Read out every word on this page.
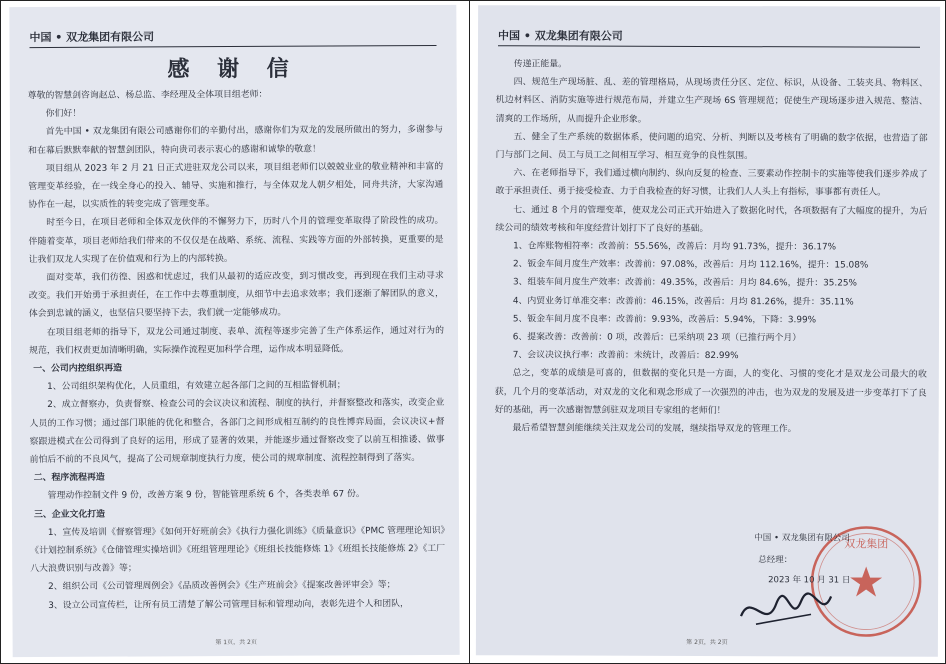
中国 • 双龙集团有限公司
感 谢 信

尊敬的智慧剑咨询赵总、杨总监、李经理及全体项目组老师：

你们好！

首先中国 • 双龙集团有限公司感谢你们的辛勤付出，感谢你们为双龙的发展所做出的努力，多谢参与和在幕后默默奉献的智慧剑团队，特向贵司表示衷心的感谢和诚挚的敬意！

项目组从 2023 年 2 月 21 日正式进驻双龙公司以来，项目组老师们以兢兢业业的敬业精神和丰富的管理变革经验，在一线全身心的投入、辅导、实施和推行，与全体双龙人朝夕相处，同舟共济，大家沟通协作在一起，以实质性的转变完成了管理变革。

时至今日，在项目老师和全体双龙伙伴的不懈努力下，历时八个月的管理变革取得了阶段性的成功。伴随着变革，项目老师给我们带来的不仅仅是在战略、系统、流程、实践等方面的外部转换，更重要的是让我们双龙人实现了在价值观和行为上的内部转换。

面对变革，我们彷徨、困惑和忧虑过，我们从最初的适应改变，到习惯改变，再到现在我们主动寻求改变。我们开始勇于承担责任，在工作中去尊重制度，从细节中去追求效率；我们逐渐了解团队的意义，体会到忠诚的涵义，也坚信只要坚持下去，我们就一定能够成功。

在项目组老师的指导下，双龙公司通过制度、表单、流程等逐步完善了生产体系运作，通过对行为的规范，我们权责更加清晰明确，实际操作流程更加科学合理，运作成本明显降低。

一、公司内控组织再造

1、公司组织架构优化，人员重组，有效建立起各部门之间的互相监督机制；

2、成立督察办，负责督察、检查公司的会议决议和流程、制度的执行，并督察整改和落实，改变企业人员的工作习惯；通过部门职能的优化和整合，各部门之间形成相互制约的良性博弈局面，会议决议+督察跟进模式在公司得到了良好的运用，形成了显著的效果，并能逐步通过督察改变了以前互相推诿、做事前怕后不前的不良风气，提高了公司规章制度执行力度，使公司的规章制度、流程控制得到了落实。

二、程序流程再造

管理动作控制文件 9 份，改善方案 9 份，智能管理系统 6 个，各类表单 67 份。

三、企业文化打造

1、宣传及培训《督察管理》《如何开好班前会》《执行力强化训练》《质量意识》《PMC 管理理论知识》《计划控制系统》《仓储管理实操培训》《班组管理理论》《班组长技能修炼 1》《班组长技能修炼 2》《工厂八大浪费识别与改善》等；

2、组织公司《公司管理周例会》《品质改善例会》《生产班前会》《提案改善评审会》等；

3、设立公司宣传栏，让所有员工清楚了解公司管理目标和管理动向，表彰先进个人和团队，

第 1页，共 2页
中国 • 双龙集团有限公司

传递正能量。

四、规范生产现场脏、乱、差的管理格局，从现场责任分区、定位、标识，从设备、工装夹具、物料区、机边材料区、消防实施等进行规范布局，并建立生产现场 6S 管理规范；促使生产现场逐步进入规范、整洁、清爽的工作场所，从而提升企业形象。

五、健全了生产系统的数据体系，使问题的追究、分析、判断以及考核有了明确的数字依据，也营造了部门与部门之间、员工与员工之间相互学习、相互竞争的良性氛围。

六、在老师指导下，我们通过横向制约、纵向反复的检查、三要素动作控制卡的实施等使我们逐步养成了敢于承担责任、勇于接受检查、力于自我检查的好习惯，让我们人人头上有指标，事事都有责任人。

七、通过 8 个月的管理变革，使双龙公司正式开始进入了数据化时代，各项数据有了大幅度的提升，为后续公司的绩效考核和年度经营计划打下了良好的基础。

1、仓库账物相符率：改善前：55.56%，改善后：月均 91.73%，提升：36.17%

2、钣金车间月度生产效率：改善前：97.08%，改善后：月均 112.16%，提升：15.08%

3、组装车间月度生产效率：改善前：49.35%，改善后：月均 84.6%，提升：35.25%

4、内贸业务订单准交率：改善前：46.15%，改善后：月均 81.26%，提升：35.11%

5、钣金车间月度不良率：改善前：9.93%，改善后：5.94%，下降：3.99%

6、提案改善：改善前：0 项，改善后：已采纳项 23 项（已推行两个月）

7、会议决议执行率：改善前：未统计，改善后：82.99%

总之，变革的成绩是可喜的，但数据的变化只是一方面，人的变化、习惯的变化才是双龙公司最大的收获，几个月的变革活动，对双龙的文化和观念形成了一次强烈的冲击，也为双龙的发展及进一步变革打下了良好的基础，再一次感谢智慧剑驻双龙项目专家组的老师们！

最后希望智慧剑能继续关注双龙公司的发展，继续指导双龙的管理工作。

双龙集团
中国 • 双龙集团有限公司
总经理：
2023 年 10 月 31 日
第 2页，共 2页
